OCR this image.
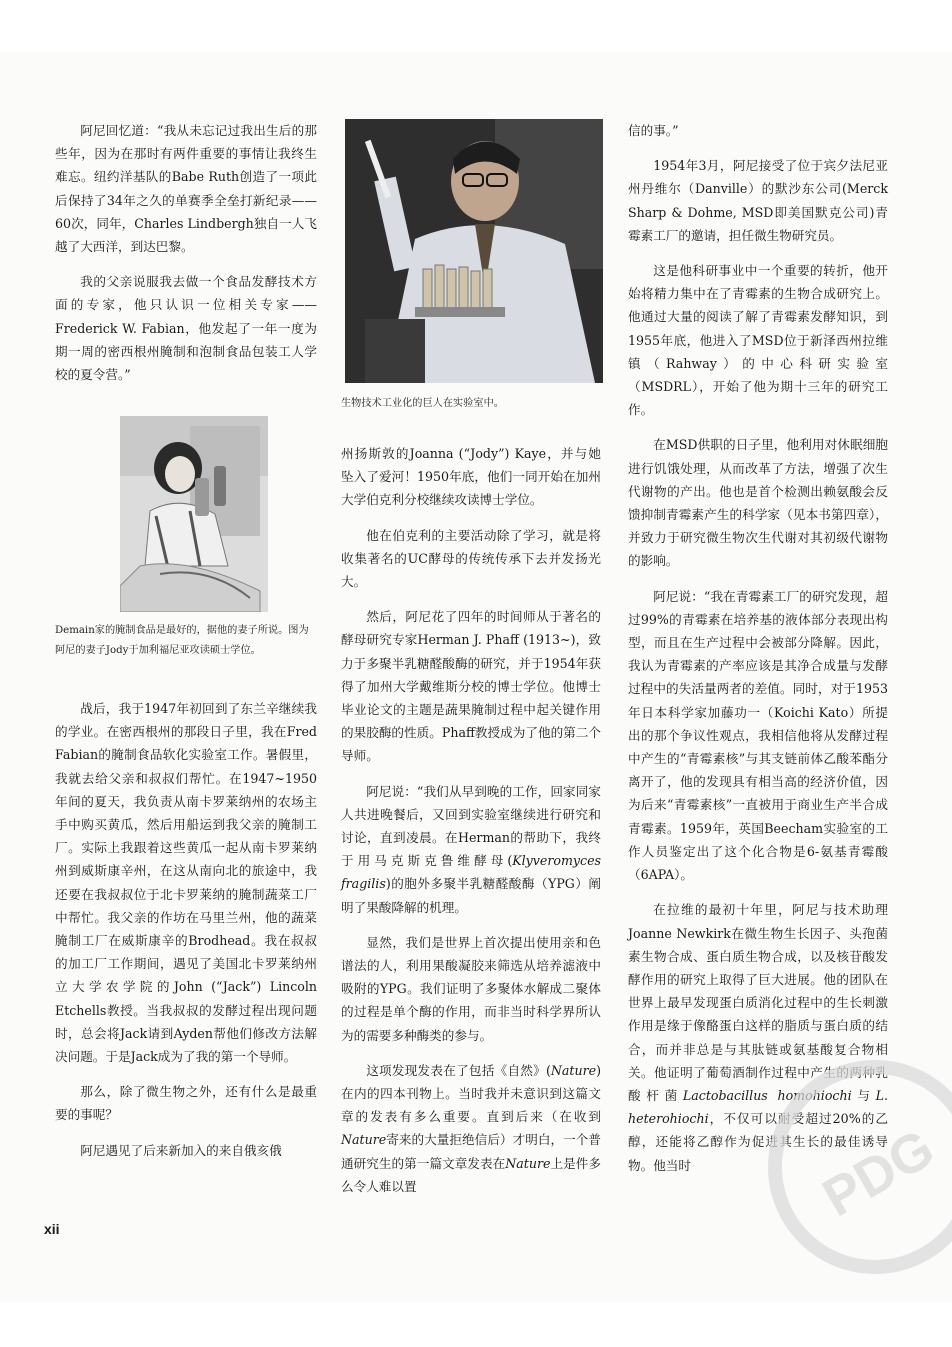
阿尼回忆道：“我从未忘记过我出生后的那些年，因为在那时有两件重要的事情让我终生难忘。纽约洋基队的Babe Ruth创造了一项此后保持了34年之久的单赛季全垒打新纪录——60次，同年，Charles Lindbergh独自一人飞越了大西洋，到达巴黎。

我的父亲说服我去做一个食品发酵技术方面的专家，他只认识一位相关专家——Frederick W. Fabian，他发起了一年一度为期一周的密西根州腌制和泡制食品包装工人学校的夏令营。”

Demain家的腌制食品是最好的，据他的妻子所说。图为阿尼的妻子Jody于加利福尼亚攻读硕士学位。

战后，我于1947年初回到了东兰辛继续我的学业。在密西根州的那段日子里，我在Fred Fabian的腌制食品软化实验室工作。暑假里，我就去给父亲和叔叔们帮忙。在1947~1950年间的夏天，我负责从南卡罗莱纳州的农场主手中购买黄瓜，然后用船运到我父亲的腌制工厂。实际上我跟着这些黄瓜一起从南卡罗莱纳州到威斯康辛州，在这从南向北的旅途中，我还要在我叔叔位于北卡罗莱纳的腌制蔬菜工厂中帮忙。我父亲的作坊在马里兰州，他的蔬菜腌制工厂在威斯康辛的Brodhead。我在叔叔的加工厂工作期间，遇见了美国北卡罗莱纳州立大学农学院的John (“Jack”) Lincoln Etchells教授。当我叔叔的发酵过程出现问题时，总会将Jack请到Ayden帮他们修改方法解决问题。于是Jack成为了我的第一个导师。

那么，除了微生物之外，还有什么是最重要的事呢？

阿尼遇见了后来新加入的来自俄亥俄

生物技术工业化的巨人在实验室中。

州扬斯敦的Joanna (“Jody”) Kaye，并与她坠入了爱河！1950年底，他们一同开始在加州大学伯克利分校继续攻读博士学位。

他在伯克利的主要活动除了学习，就是将收集著名的UC酵母的传统传承下去并发扬光大。

然后，阿尼花了四年的时间师从于著名的酵母研究专家Herman J. Phaff (1913~)，致力于多聚半乳糖醛酸酶的研究，并于1954年获得了加州大学戴维斯分校的博士学位。他博士毕业论文的主题是蔬果腌制过程中起关键作用的果胶酶的性质。Phaff教授成为了他的第二个导师。

阿尼说：“我们从早到晚的工作，回家同家人共进晚餐后，又回到实验室继续进行研究和讨论，直到凌晨。在Herman的帮助下，我终于用马克斯克鲁维酵母(Klyveromyces fragilis)的胞外多聚半乳糖醛酸酶（YPG）阐明了果酸降解的机理。

显然，我们是世界上首次提出使用亲和色谱法的人，利用果酸凝胶来筛选从培养滤液中吸附的YPG。我们证明了多聚体水解成二聚体的过程是单个酶的作用，而非当时科学界所认为的需要多种酶类的参与。

这项发现发表在了包括《自然》(Nature)在内的四本刊物上。当时我并未意识到这篇文章的发表有多么重要。直到后来（在收到Nature寄来的大量拒绝信后）才明白，一个普通研究生的第一篇文章发表在Nature上是件多么令人难以置

信的事。”

1954年3月，阿尼接受了位于宾夕法尼亚州丹维尔（Danville）的默沙东公司(Merck Sharp & Dohme, MSD即美国默克公司)青霉素工厂的邀请，担任微生物研究员。

这是他科研事业中一个重要的转折，他开始将精力集中在了青霉素的生物合成研究上。他通过大量的阅读了解了青霉素发酵知识，到1955年底，他进入了MSD位于新泽西州拉维镇（Rahway）的中心科研实验室（MSDRL），开始了他为期十三年的研究工作。

在MSD供职的日子里，他利用对休眠细胞进行饥饿处理，从而改革了方法，增强了次生代谢物的产出。他也是首个检测出赖氨酸会反馈抑制青霉素产生的科学家（见本书第四章），并致力于研究微生物次生代谢对其初级代谢物的影响。

阿尼说：“我在青霉素工厂的研究发现，超过99%的青霉素在培养基的液体部分表现出构型，而且在生产过程中会被部分降解。因此，我认为青霉素的产率应该是其净合成量与发酵过程中的失活量两者的差值。同时，对于1953年日本科学家加藤功一（Koichi Kato）所提出的那个争议性观点，我相信他将从发酵过程中产生的“青霉素核”与其支链前体乙酸苯酯分离开了，他的发现具有相当高的经济价值，因为后来“青霉素核”一直被用于商业生产半合成青霉素。1959年，英国Beecham实验室的工作人员鉴定出了这个化合物是6-氨基青霉酸（6APA）。

在拉维的最初十年里，阿尼与技术助理Joanne Newkirk在微生物生长因子、头孢菌素生物合成、蛋白质生物合成，以及核苷酸发酵作用的研究上取得了巨大进展。他的团队在世界上最早发现蛋白质消化过程中的生长刺激作用是缘于像酪蛋白这样的脂质与蛋白质的结合，而并非总是与其肽链或氨基酸复合物相关。他证明了葡萄酒制作过程中产生的两种乳酸杆菌Lactobacillus homohiochi与L. heterohiochi，不仅可以耐受超过20%的乙醇，还能将乙醇作为促进其生长的最佳诱导物。他当时

xii
PDG
